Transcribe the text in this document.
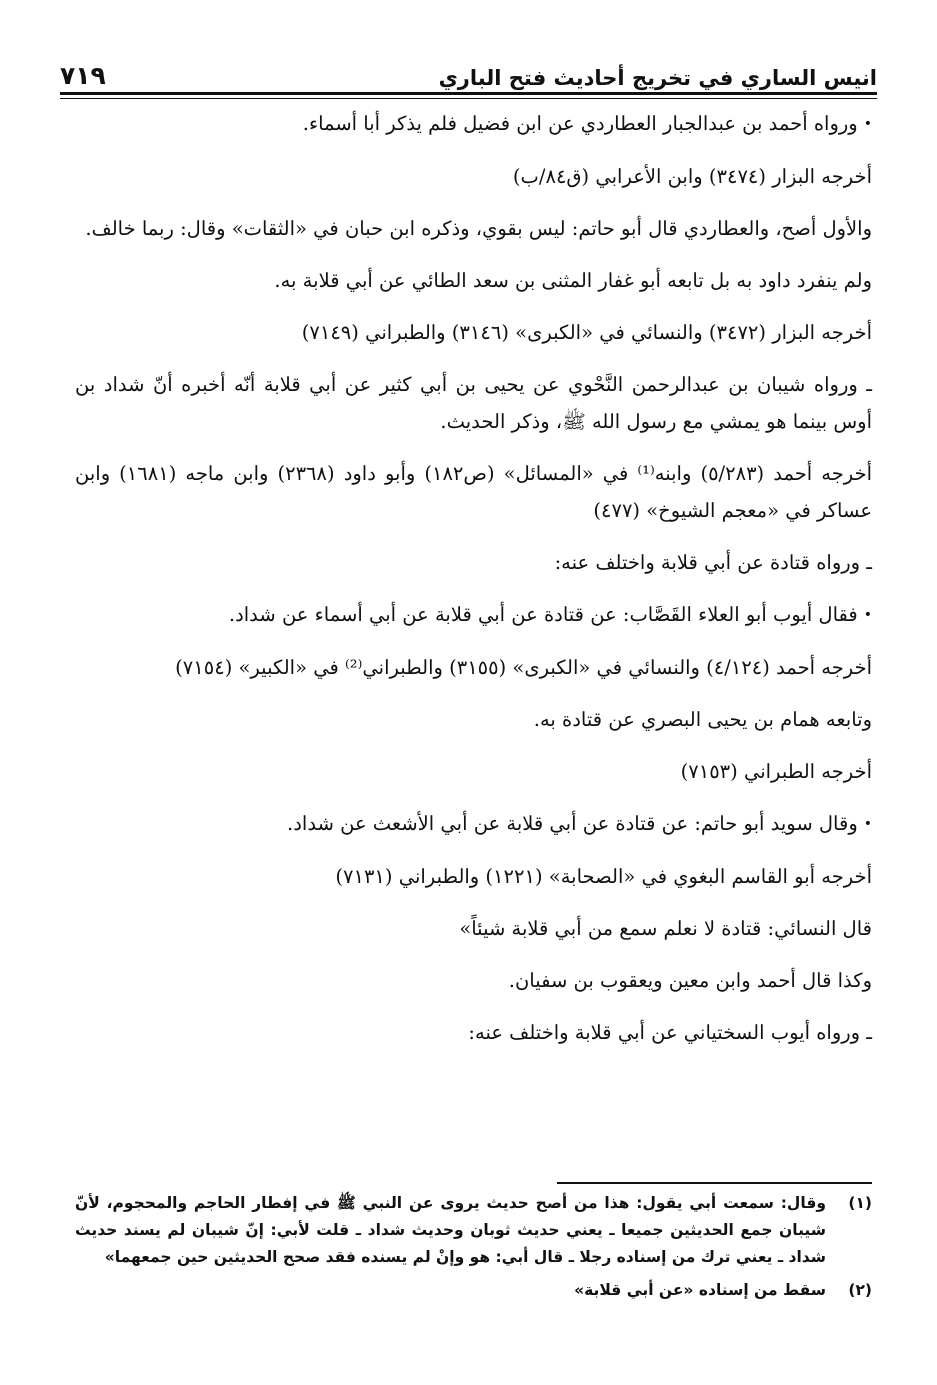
٧١٩	انيس الساري في تخريج أحاديث فتح الباري

•ورواه أحمد بن عبدالجبار العطاردي عن ابن فضيل فلم يذكر أبا أسماء.

أخرجه البزار (٣٤٧٤) وابن الأعرابي (ق٨٤/ب)

والأول أصح، والعطاردي قال أبو حاتم: ليس بقوي، وذكره ابن حبان في «الثقات» وقال: ربما خالف.

ولم ينفرد داود به بل تابعه أبو غفار المثنى بن سعد الطائي عن أبي قلابة به.

أخرجه البزار (٣٤٧٢) والنسائي في «الكبرى» (٣١٤٦) والطبراني (٧١٤٩)

ـ ورواه شيبان بن عبدالرحمن النَّحْوي عن يحيى بن أبي كثير عن أبي قلابة أنّه أخبره أنّ شداد بن أوس بينما هو يمشي مع رسول الله ﷺ، وذكر الحديث.

أخرجه أحمد (٥/٢٨٣) وابنه⁽¹⁾ في «المسائل» (ص١٨٢) وأبو داود (٢٣٦٨) وابن ماجه (١٦٨١) وابن عساكر في «معجم الشيوخ» (٤٧٧)

ـ ورواه قتادة عن أبي قلابة واختلف عنه:

•فقال أيوب أبو العلاء القَصَّاب: عن قتادة عن أبي قلابة عن أبي أسماء عن شداد.

أخرجه أحمد (٤/١٢٤) والنسائي في «الكبرى» (٣١٥٥) والطبراني⁽²⁾ في «الكبير» (٧١٥٤)

وتابعه همام بن يحيى البصري عن قتادة به.

أخرجه الطبراني (٧١٥٣)

•وقال سويد أبو حاتم: عن قتادة عن أبي قلابة عن أبي الأشعث عن شداد.

أخرجه أبو القاسم البغوي في «الصحابة» (١٢٢١) والطبراني (٧١٣١)

قال النسائي: قتادة لا نعلم سمع من أبي قلابة شيئاً»

وكذا قال أحمد وابن معين ويعقوب بن سفيان.

ـ ورواه أيوب السختياني عن أبي قلابة واختلف عنه:

(١)
وقال: سمعت أبي يقول: هذا من أصح حديث يروى عن النبي ﷺ في إفطار الحاجم والمحجوم، لأنّ شيبان جمع الحديثين جميعا ـ يعني حديث ثوبان وحديث شداد ـ قلت لأبي: إنّ شيبان لم يسند حديث شداد ـ يعني ترك من إسناده رجلا ـ قال أبي: هو وإنْ لم يسنده فقد صحح الحديثين حين جمعهما»
(٢)
سقط من إسناده «عن أبي قلابة»
